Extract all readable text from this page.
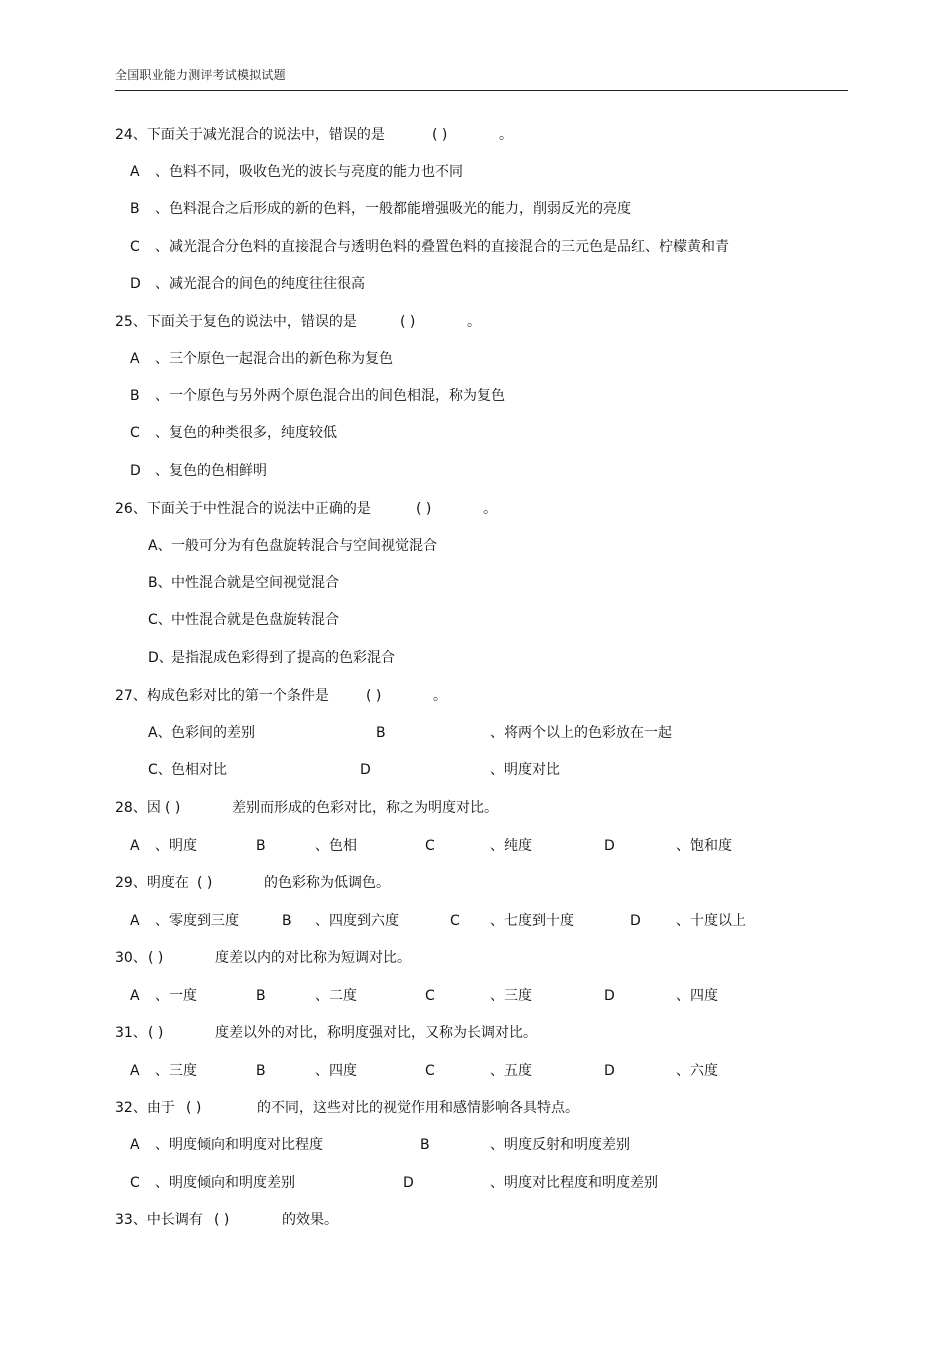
全国职业能力测评考试模拟试题
24、下面关于减光混合的说法中，错误的是	( )	。
A 、色料不同，吸收色光的波长与亮度的能力也不同
B 、色料混合之后形成的新的色料，一般都能增强吸光的能力，削弱反光的亮度
C 、减光混合分色料的直接混合与透明色料的叠置色料的直接混合的三元色是品红、柠檬黄和青
D 、减光混合的间色的纯度往往很高
25、下面关于复色的说法中，错误的是	( )	。
A 、三个原色一起混合出的新色称为复色
B 、一个原色与另外两个原色混合出的间色相混，称为复色
C 、复色的种类很多，纯度较低
D 、复色的色相鲜明
26、下面关于中性混合的说法中正确的是	( )	。
A、 一般可分为有色盘旋转混合与空间视觉混合
B、 中性混合就是空间视觉混合
C、 中性混合就是色盘旋转混合
D、
是指混成色彩得到了提高的色彩混合
27、构成色彩对比的第一个条件是	( )	。
A、 色彩间的差别	B	、将两个以上的色彩放在一起
C、 色相对比	D	、明度对比
28、因 ( )	差别而形成的色彩对比，称之为明度对比。
A 、明度	B	、色相	C	、纯度	D	、饱和度
29、明度在 ( )	的色彩称为低调色。
A 、零度到三度	B 、四度到六度	C 、七度到十度	D	、十度以上
30、 ( )	度差以内的对比称为短调对比。
A 、一度	B	、二度	C	、三度	D	、四度
31、 ( )	度差以外的对比，称明度强对比，又称为长调对比。
A 、三度	B	、四度	C	、五度	D	、六度
32、由于 ( )	的不同，这些对比的视觉作用和感情影响各具特点。
A 、明度倾向和明度对比程度	B	、明度反射和明度差别
C 、明度倾向和明度差别	D	、明度对比程度和明度差别
33、中长调有 ( )	的效果。
